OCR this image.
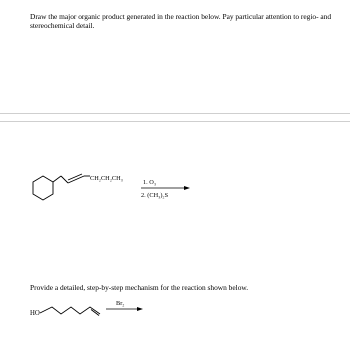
Draw the major organic product generated in the reaction below. Pay particular attention to regio- and stereochemical detail.
CH₂CH₂CH₃
1. O₃
2. (CH₃)₂S
HO
Br₂
Provide a detailed, step-by-step mechanism for the reaction shown below.
